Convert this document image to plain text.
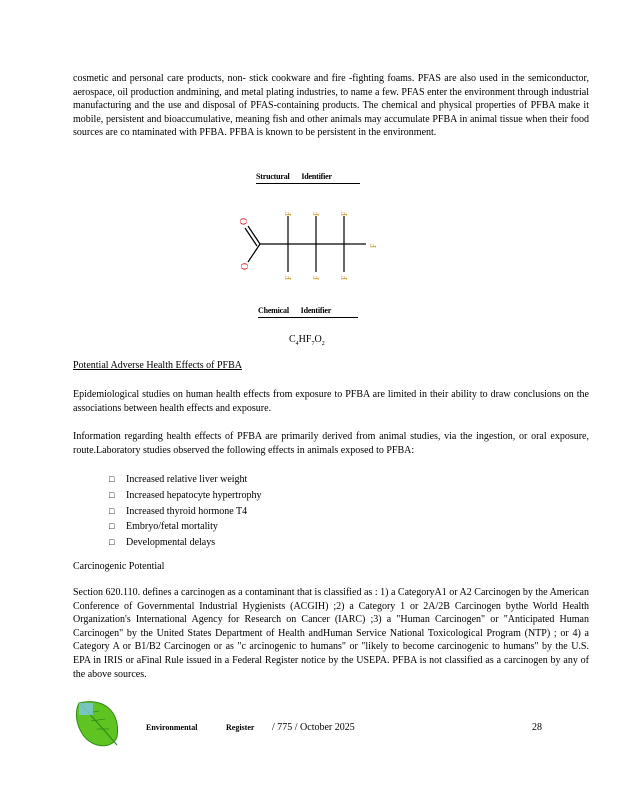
cosmetic and personal care products, non- stick cookware and fire -fighting foams. PFAS are also used in the semiconductor, aerospace, oil production andmining, and metal plating industries, to name a few. PFAS enter the environment through industrial manufacturing and the use and disposal of PFAS-containing products. The chemical and physical properties of PFBA make it mobile, persistent and bioaccumulative, meaning fish and other animals may accumulate PFBA in animal tissue when their food sources are co ntaminated with PFBA. PFBA is known to be persistent in the environment.

Structural Identifier
O
O
F
F
F
F
F
F
F
Chemical Identifier
$C_4HF_7O_2$

Potential Adverse Health Effects of PFBA

Epidemiological studies on human health effects from exposure to PFBA are limited in their ability to draw conclusions on the associations between health effects and exposure.

Information regarding health effects of PFBA are primarily derived from animal studies, via the ingestion, or oral exposure, route.Laboratory studies observed the following effects in animals exposed to PFBA:

□ Increased relative liver weight
□ Increased hepatocyte hypertrophy
□ Increased thyroid hormone T4
□ Embryo/fetal mortality
□ Developmental delays

Carcinogenic Potential

Section 620.110. defines a carcinogen as a contaminant that is classified as : 1) a CategoryA1 or A2 Carcinogen by the American Conference of Governmental Industrial Hygienists (ACGIH) ;2) a Category 1 or 2A/2B Carcinogen bythe World Health Organization's International Agency for Research on Cancer (IARC) ;3) a "Human Carcinogen" or "Anticipated Human Carcinogen" by the United States Department of Health andHuman Service National Toxicological Program (NTP) ; or 4) a Category A or B1/B2 Carcinogen or as "c arcinogenic to humans" or "likely to become carcinogenic to humans" by the U.S. EPA in IRIS or aFinal Rule issued in a Federal Register notice by the USEPA. PFBA is not classified as a carcinogen by any of the above sources.

Environmental	Register / 775 / October 2025	28
